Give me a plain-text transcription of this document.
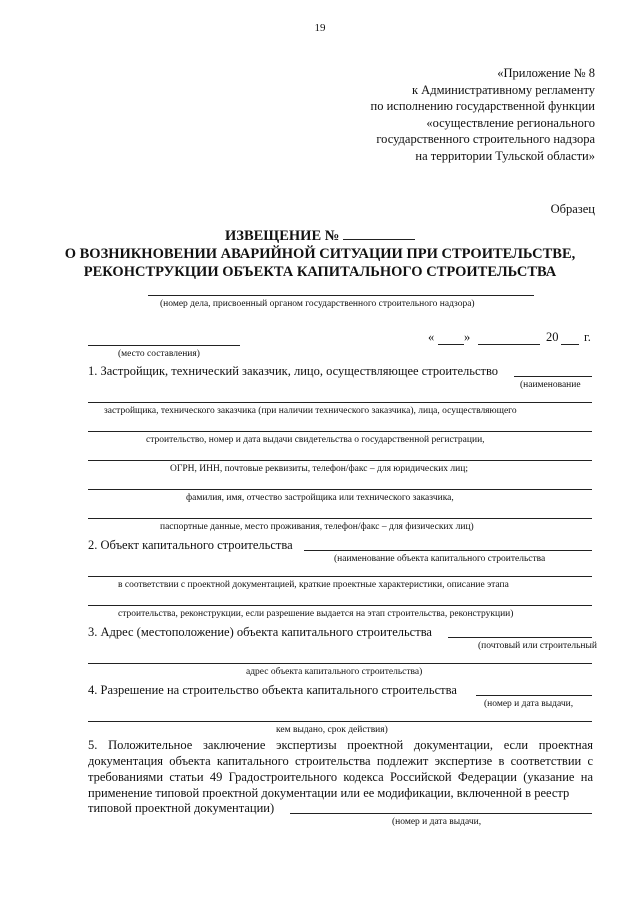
19
«Приложение № 8
к Административному регламенту
по исполнению государственной функции
«осуществление регионального
государственного строительного надзора
на территории Тульской области»
Образец
ИЗВЕЩЕНИЕ №
О ВОЗНИКНОВЕНИИ АВАРИЙНОЙ СИТУАЦИИ ПРИ СТРОИТЕЛЬСТВЕ,
РЕКОНСТРУКЦИИ ОБЪЕКТА КАПИТАЛЬНОГО СТРОИТЕЛЬСТВА
(номер дела, присвоенный органом государственного строительного надзора)
(место составления)
« »	20 г.
1. Застройщик, технический заказчик, лицо, осуществляющее строительство
(наименование
застройщика, технического заказчика (при наличии технического заказчика), лица, осуществляющего
строительство, номер и дата выдачи свидетельства о государственной регистрации,
ОГРН, ИНН, почтовые реквизиты, телефон/факс – для юридических лиц;
фамилия, имя, отчество застройщика или технического заказчика,
паспортные данные, место проживания, телефон/факс – для физических лиц)
2. Объект капитального строительства
(наименование объекта капитального строительства
в соответствии с проектной документацией, краткие проектные характеристики, описание этапа
строительства, реконструкции, если разрешение выдается на этап строительства, реконструкции)
3. Адрес (местоположение) объекта капитального строительства
(почтовый или строительный
адрес объекта капитального строительства)
4. Разрешение на строительство объекта капитального строительства
(номер и дата выдачи,
кем выдано, срок действия)
5. Положительное заключение экспертизы проектной документации, если проектная документация объекта капитального строительства подлежит экспертизе в соответствии с требованиями статьи 49 Градостроительного кодекса Российской Федерации (указание на применение типовой проектной документации или ее модификации, включенной в реестр
типовой проектной документации)
(номер и дата выдачи,
